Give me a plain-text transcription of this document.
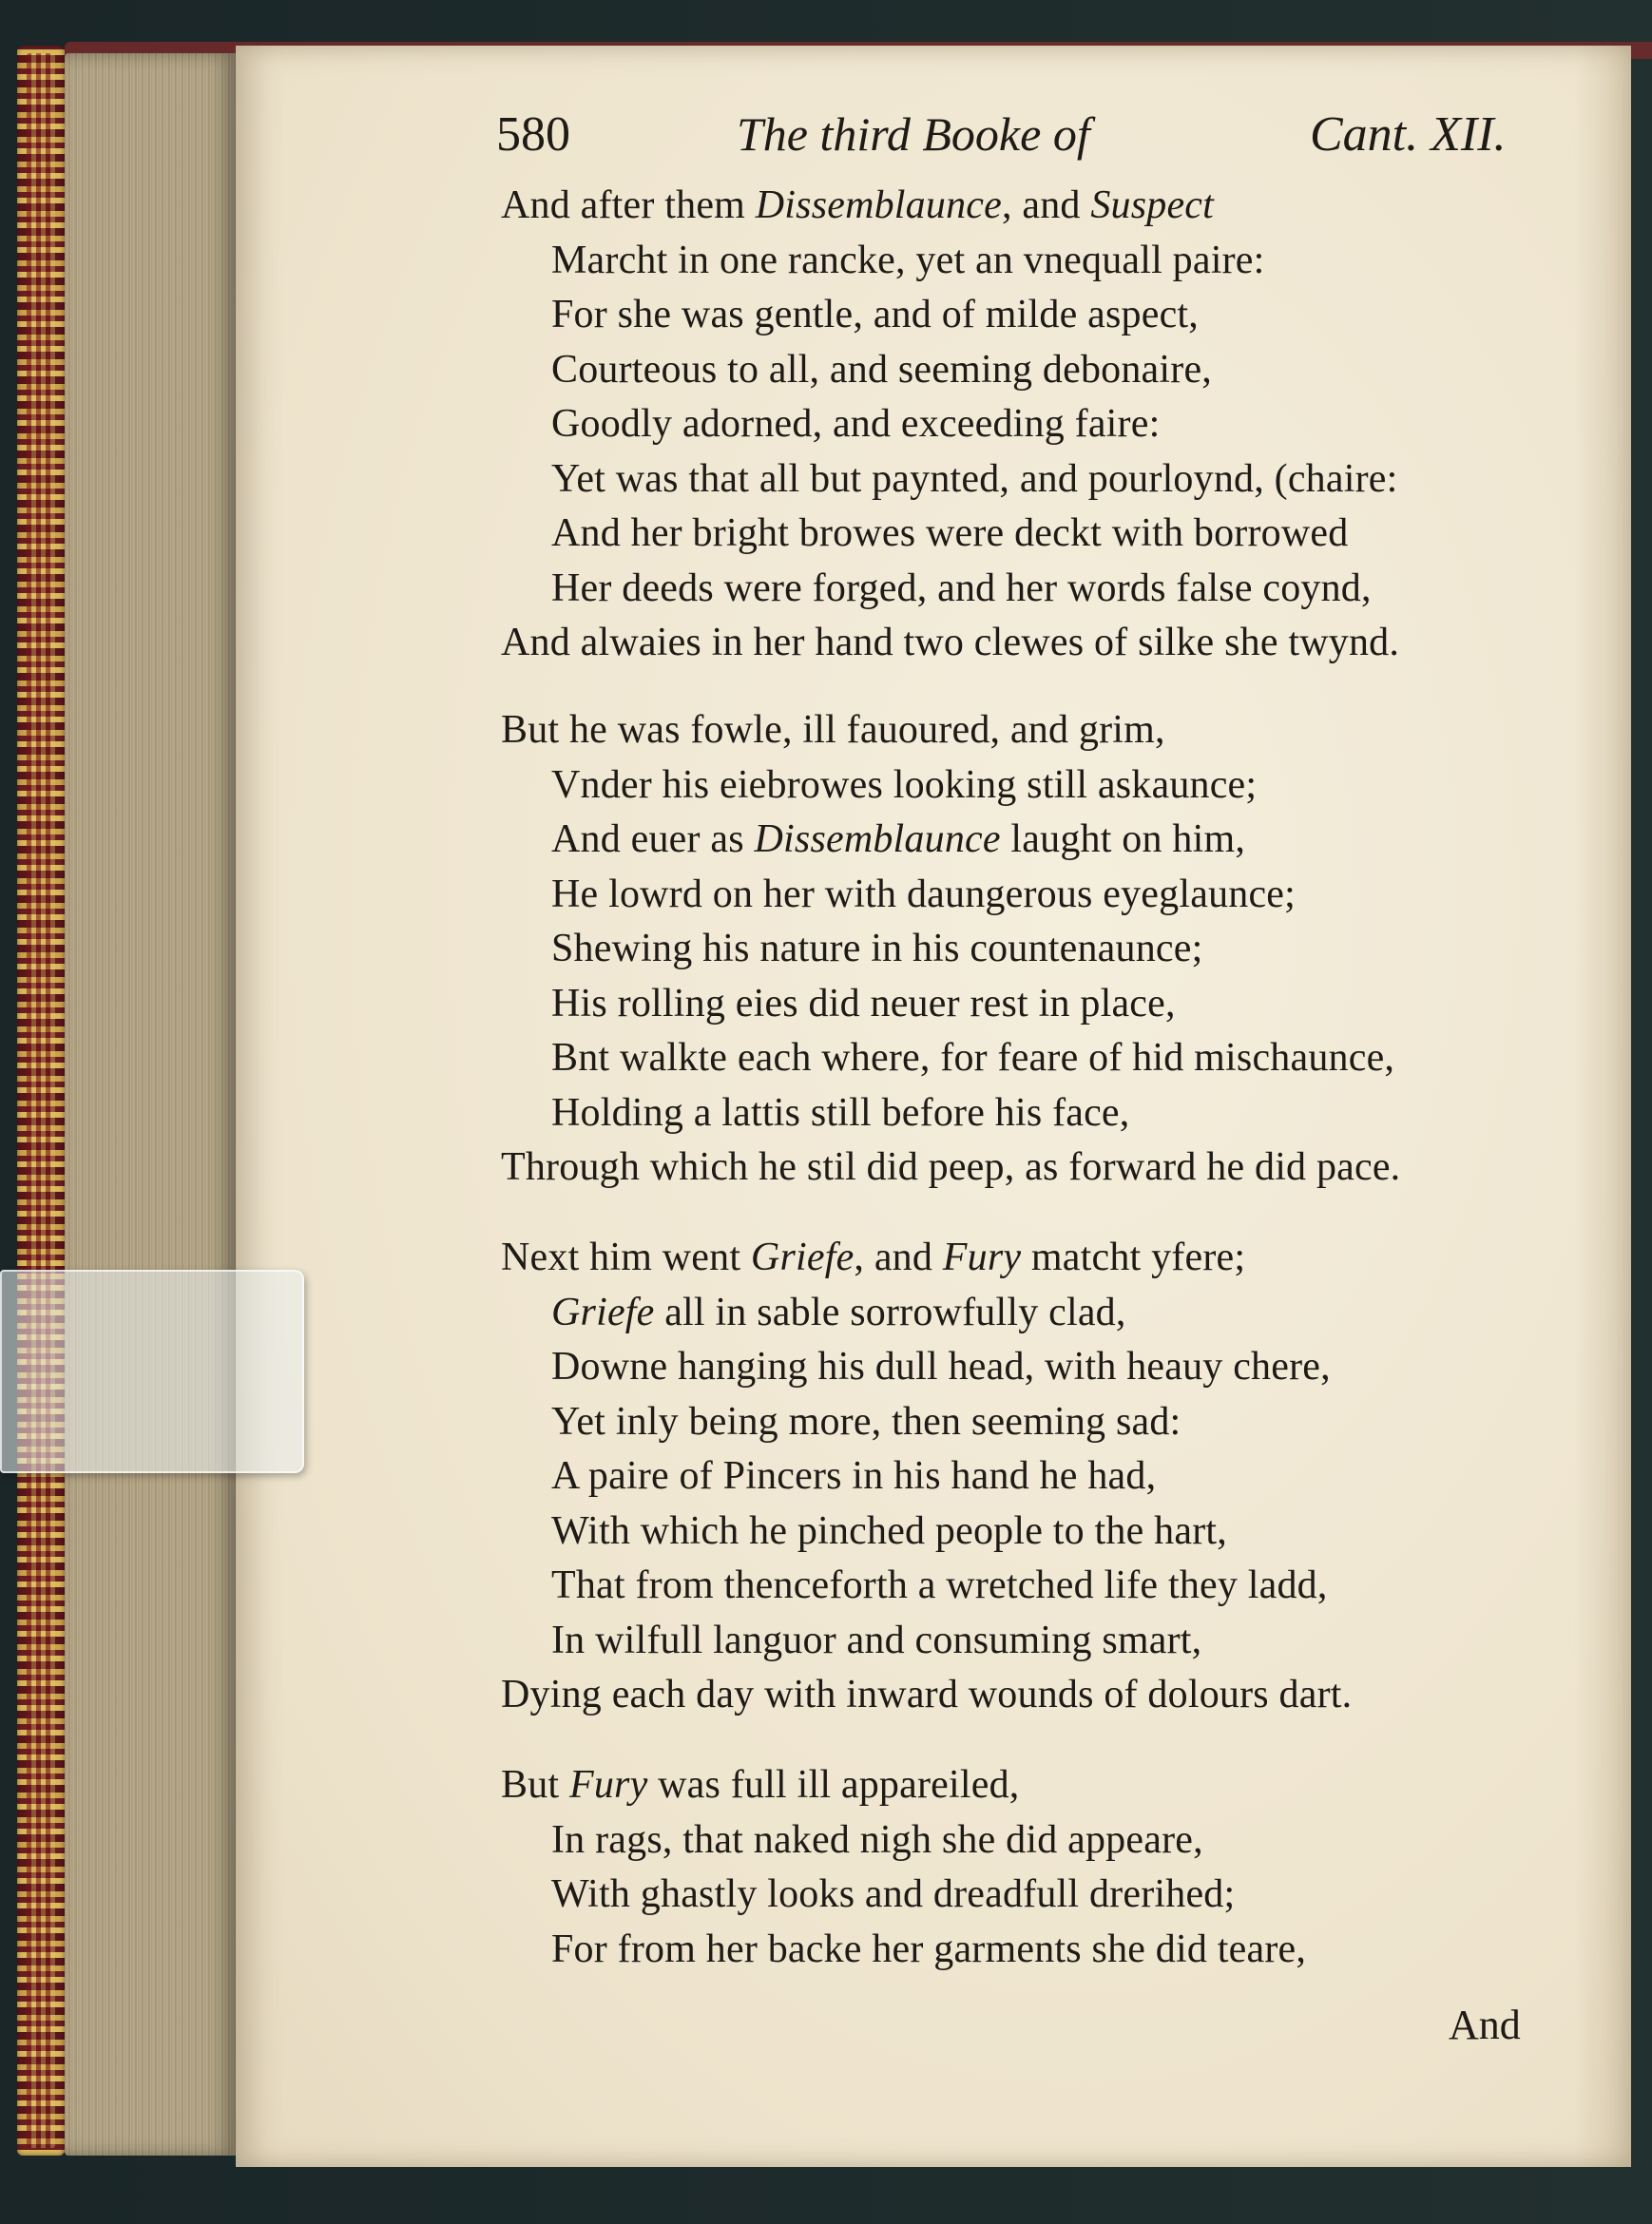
580	The third Booke of	Cant. XII.
And after them Dissemblaunce, and Suspect
Marcht in one rancke, yet an vnequall paire:
For she was gentle, and of milde aspect,
Courteous to all, and seeming debonaire,
Goodly adorned, and exceeding faire:
Yet was that all but paynted, and pourloynd, (chaire:
And her bright browes were deckt with borrowed
Her deeds were forged, and her words false coynd,
And alwaies in her hand two clewes of silke she twynd.
But he was fowle, ill fauoured, and grim,
Vnder his eiebrowes looking still askaunce;
And euer as Dissemblaunce laught on him,
He lowrd on her with daungerous eyeglaunce;
Shewing his nature in his countenaunce;
His rolling eies did neuer rest in place,
Bnt walkte each where, for feare of hid mischaunce,
Holding a lattis still before his face,
Through which he stil did peep, as forward he did pace.
Next him went Griefe, and Fury matcht yfere;
Griefe all in sable sorrowfully clad,
Downe hanging his dull head, with heauy chere,
Yet inly being more, then seeming sad:
A paire of Pincers in his hand he had,
With which he pinched people to the hart,
That from thenceforth a wretched life they ladd,
In wilfull languor and consuming smart,
Dying each day with inward wounds of dolours dart.
But Fury was full ill appareiled,
In rags, that naked nigh she did appeare,
With ghastly looks and dreadfull drerihed;
For from her backe her garments she did teare,
And
